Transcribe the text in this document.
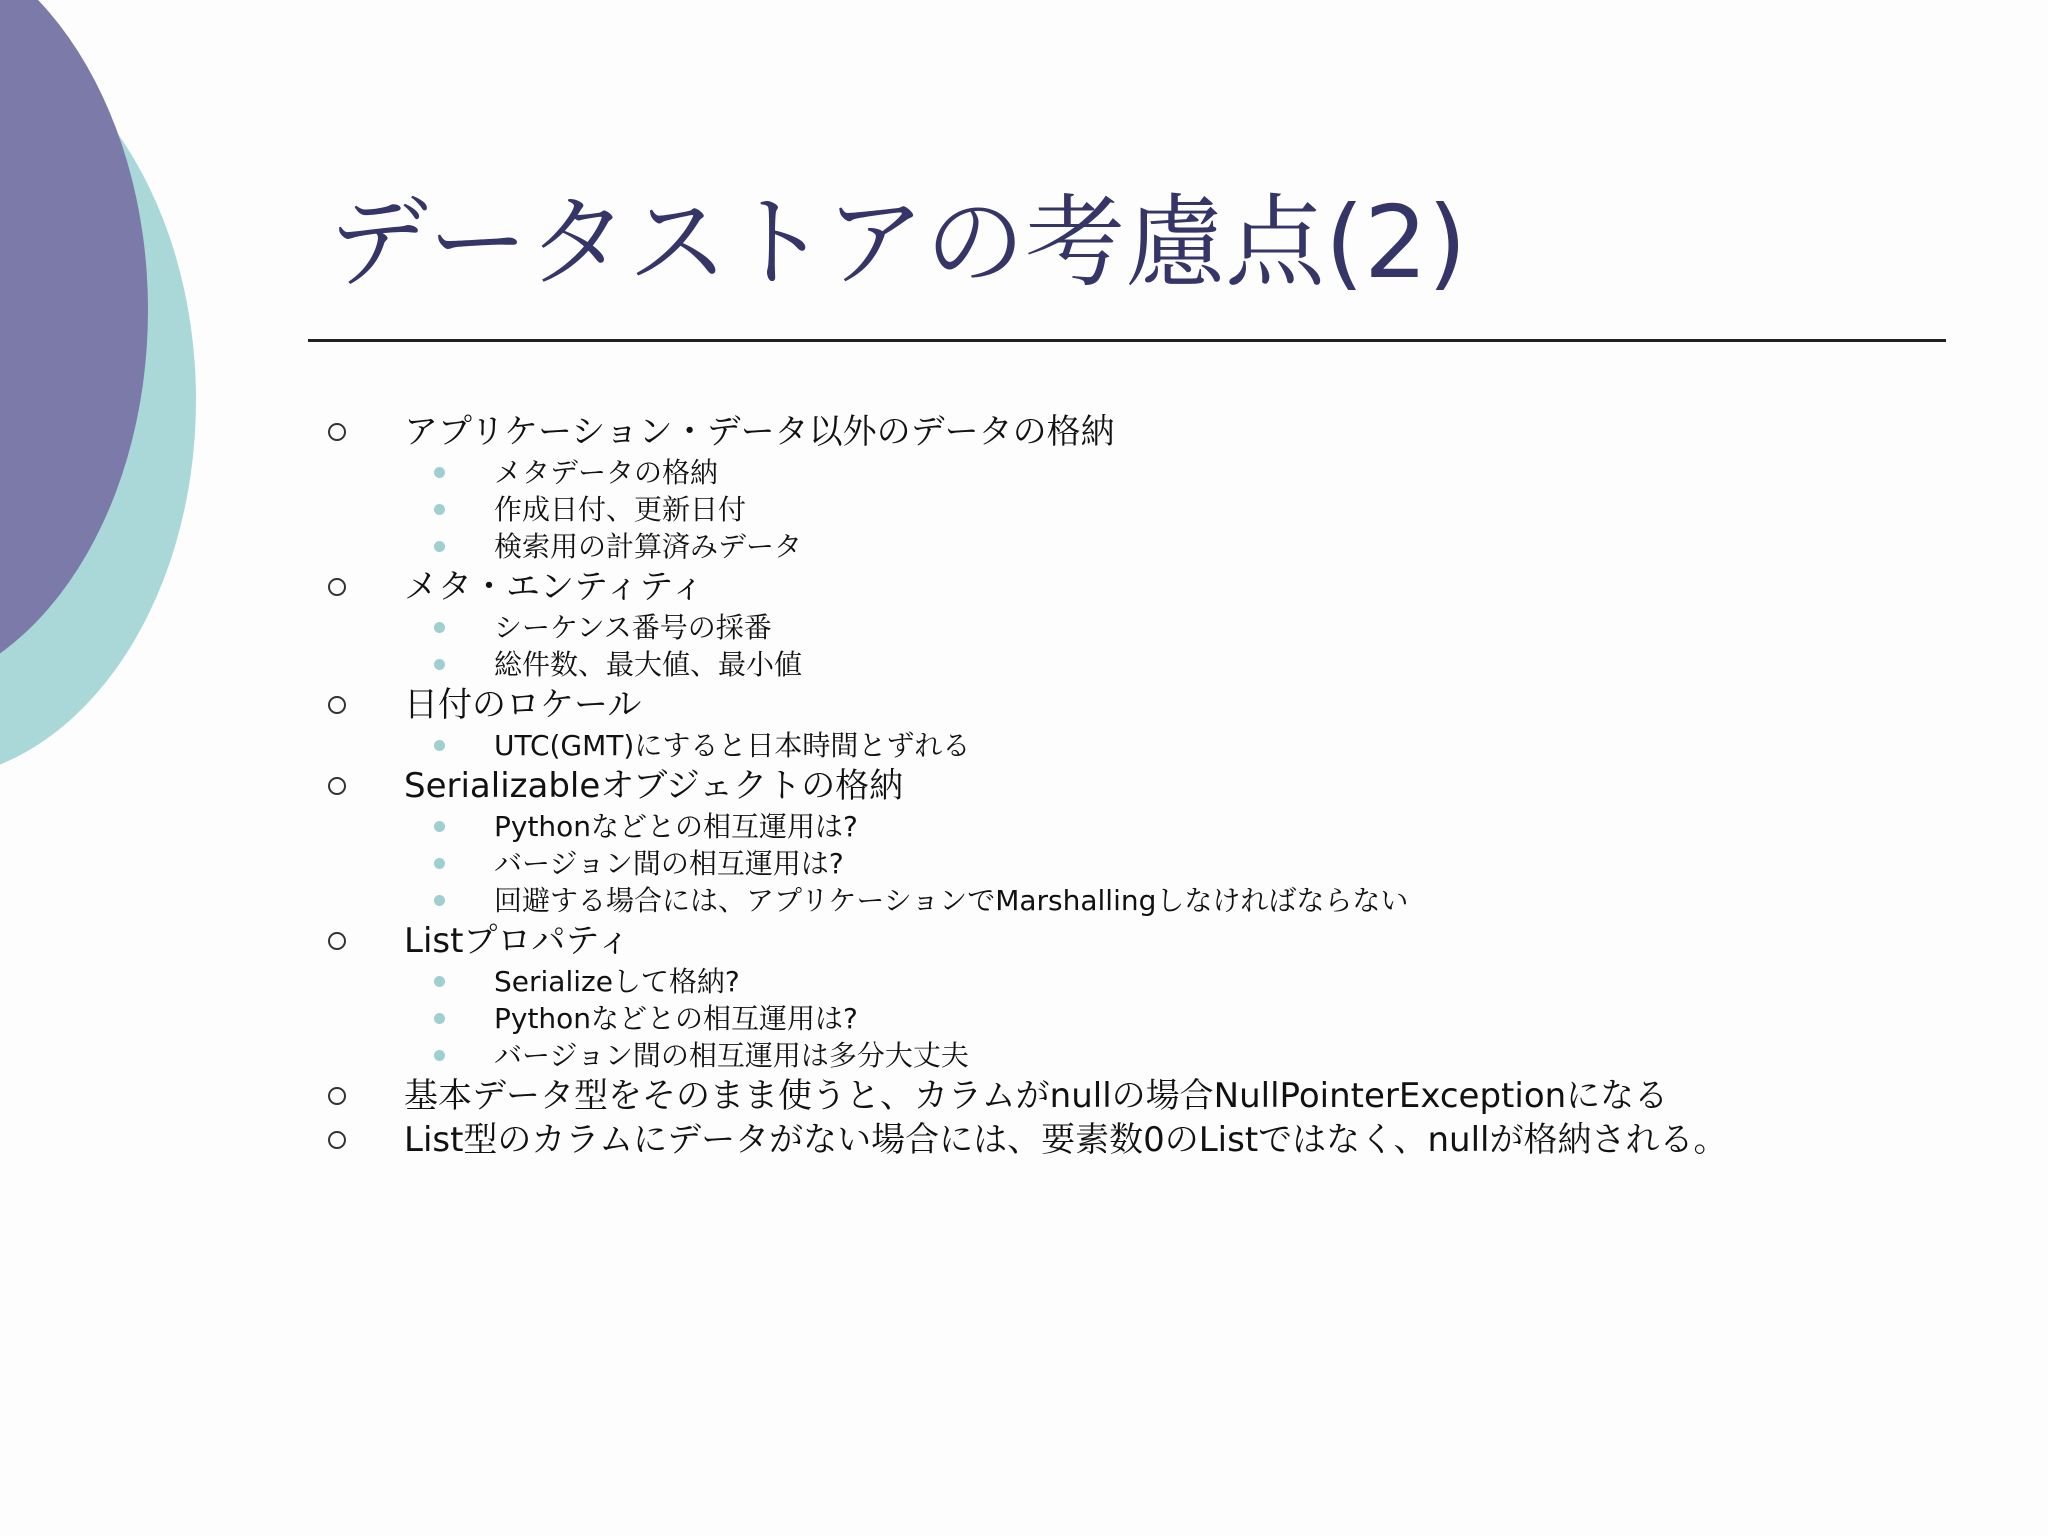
データストアの考慮点(2)
アプリケーション・データ以外のデータの格納
メタデータの格納
作成日付、更新日付
検索用の計算済みデータ
メタ・エンティティ
シーケンス番号の採番
総件数、最大値、最小値
日付のロケール
UTC(GMT)にすると日本時間とずれる
Serializableオブジェクトの格納
Pythonなどとの相互運用は?
バージョン間の相互運用は?
回避する場合には、アプリケーションでMarshallingしなければならない
Listプロパティ
Serializeして格納?
Pythonなどとの相互運用は?
バージョン間の相互運用は多分大丈夫
基本データ型をそのまま使うと、カラムがnullの場合NullPointerExceptionになる
List型のカラムにデータがない場合には、要素数0のListではなく、nullが格納される。
